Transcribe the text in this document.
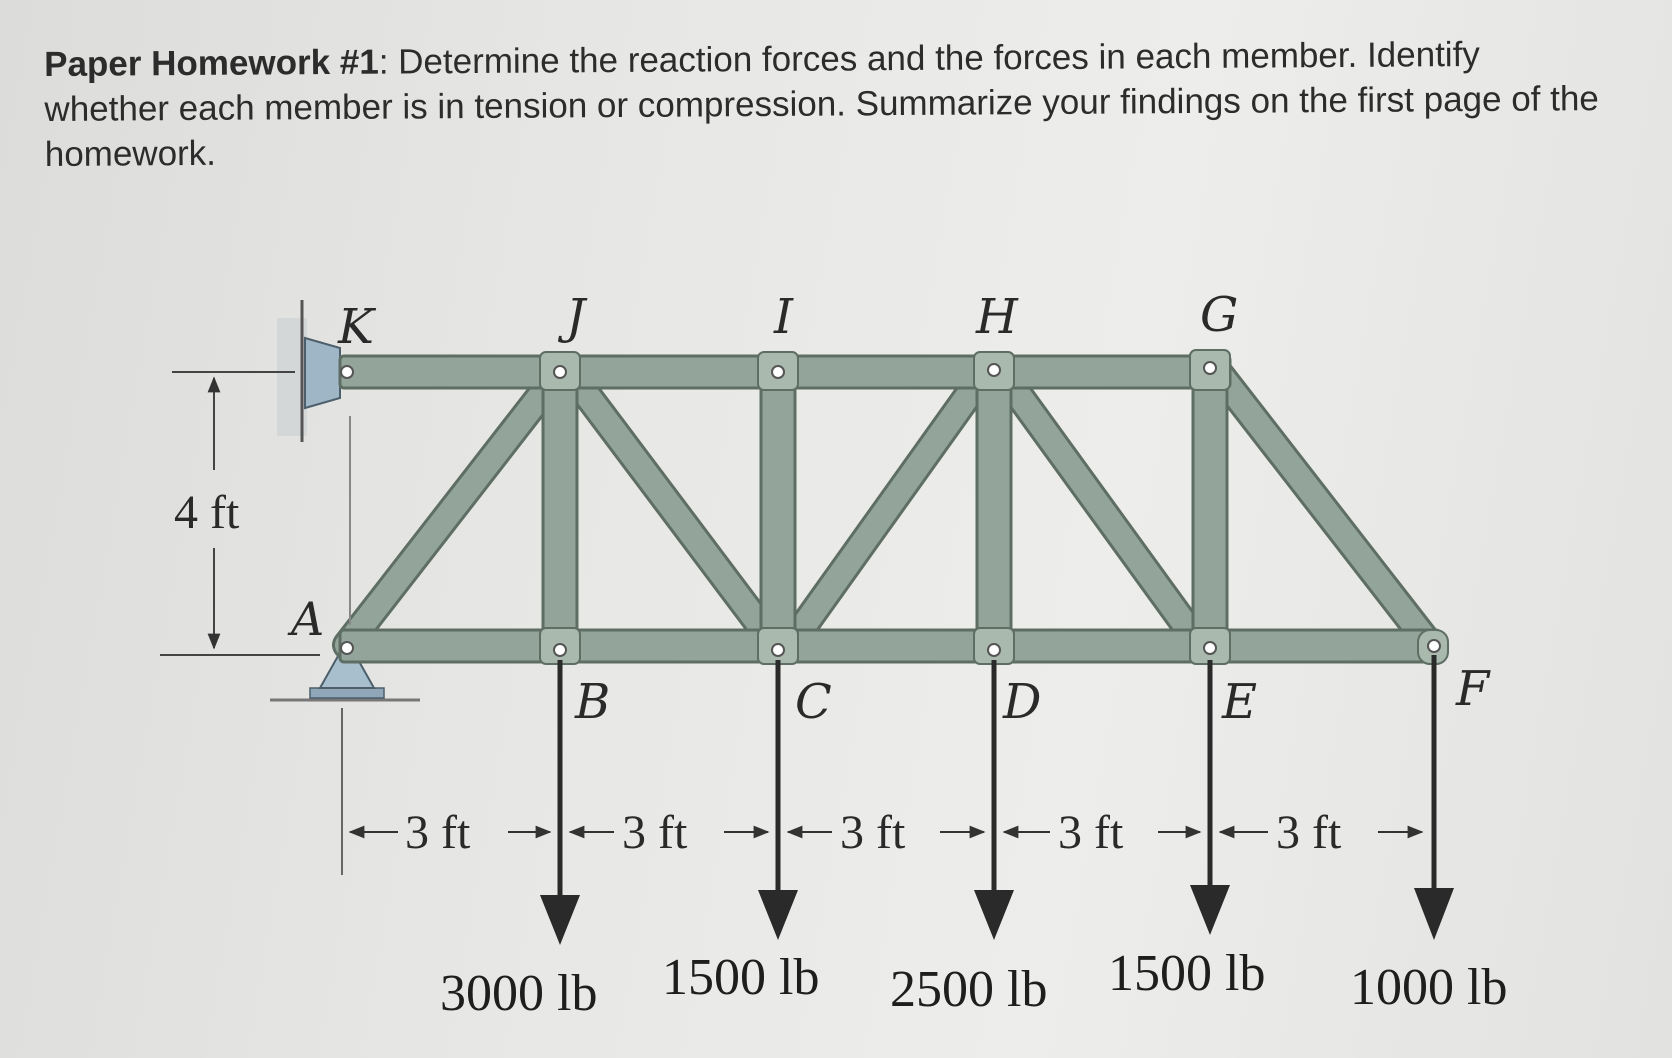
Paper Homework #1: Determine the reaction forces and the forces in each member. Identify whether each member is in tension or compression. Summarize your findings on the first page of the homework.
K	J	I	H	G
A
B	C	D	E	F
4 ft
3 ft	3 ft	3 ft	3 ft	3 ft
3000 lb 1500 lb 2500 lb 1500 lb 1000 lb
